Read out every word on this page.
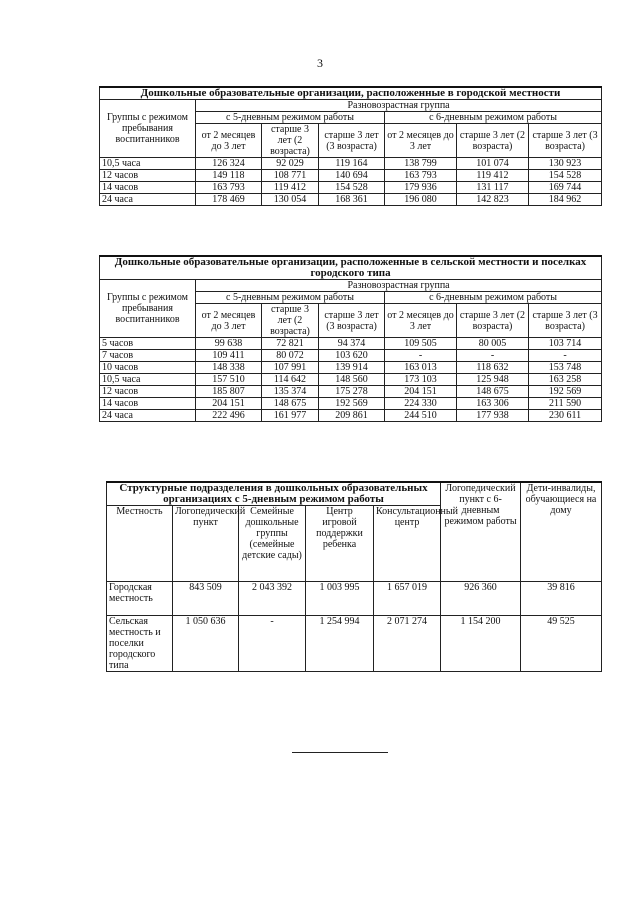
3
Дошкольные образовательные организации, расположенные в городской местности						
Группы с режимом пребывания воспитанников	Разновозрастная группа					
	с 5-дневным режимом работы			с 6-дневным режимом работы		
	от 2 месяцев до 3 лет	старше 3 лет (2 возраста)	старше 3 лет (3 возраста)	от 2 месяцев до 3 лет	старше 3 лет (2 возраста)	старше 3 лет (3 возраста)
10,5 часа	126 324	92 029	119 164	138 799	101 074	130 923
12 часов	149 118	108 771	140 694	163 793	119 412	154 528
14 часов	163 793	119 412	154 528	179 936	131 117	169 744
24 часа	178 469	130 054	168 361	196 080	142 823	184 962
Дошкольные образовательные организации, расположенные в сельской местности и поселках городского типа						
Группы с режимом пребывания воспитанников	Разновозрастная группа					
	с 5-дневным режимом работы			с 6-дневным режимом работы		
	от 2 месяцев до 3 лет	старше 3 лет (2 возраста)	старше 3 лет (3 возраста)	от 2 месяцев до 3 лет	старше 3 лет (2 возраста)	старше 3 лет (3 возраста)
5 часов	99 638	72 821	94 374	109 505	80 005	103 714
7 часов	109 411	80 072	103 620	-	-	-
10 часов	148 338	107 991	139 914	163 013	118 632	153 748
10,5 часа	157 510	114 642	148 560	173 103	125 948	163 258
12 часов	185 807	135 374	175 278	204 151	148 675	192 569
14 часов	204 151	148 675	192 569	224 330	163 306	211 590
24 часа	222 496	161 977	209 861	244 510	177 938	230 611
Структурные подразделения в дошкольных образовательных организациях с 5-дневным режимом работы					Логопедический пункт с 6-дневным режимом работы	Дети-инвалиды, обучающиеся на дому
Местность	Логопедический пункт	Семейные дошкольные группы (семейные детские сады)	Центр игровой поддержки ребенка	Консультационный центр		
Городская местность	843 509	2 043 392	1 003 995	1 657 019	926 360	39 816
Сельская местность и поселки городского типа	1 050 636	-	1 254 994	2 071 274	1 154 200	49 525
